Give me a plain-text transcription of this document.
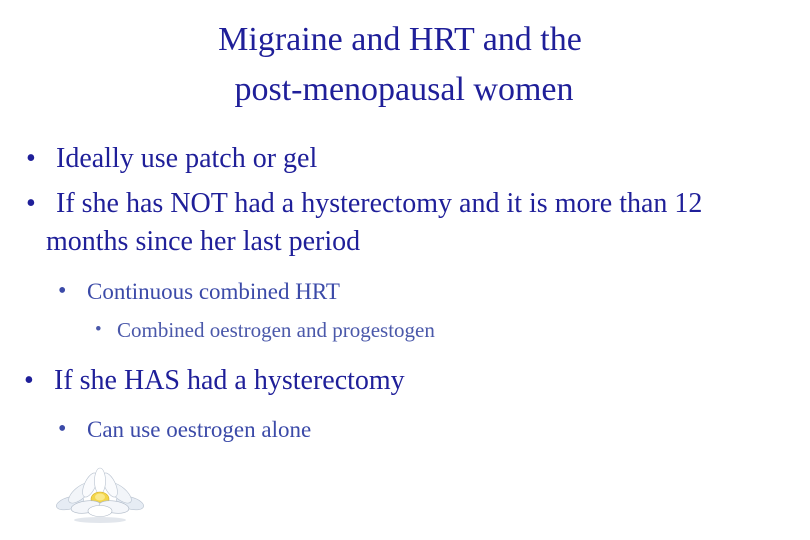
Migraine and HRT and the
post-menopausal women
• Ideally use patch or gel
• If she has NOT had a hysterectomy and it is more than 12
months since her last period
• Continuous combined HRT
• Combined oestrogen and progestogen
• If she HAS had a hysterectomy
• Can use oestrogen alone
